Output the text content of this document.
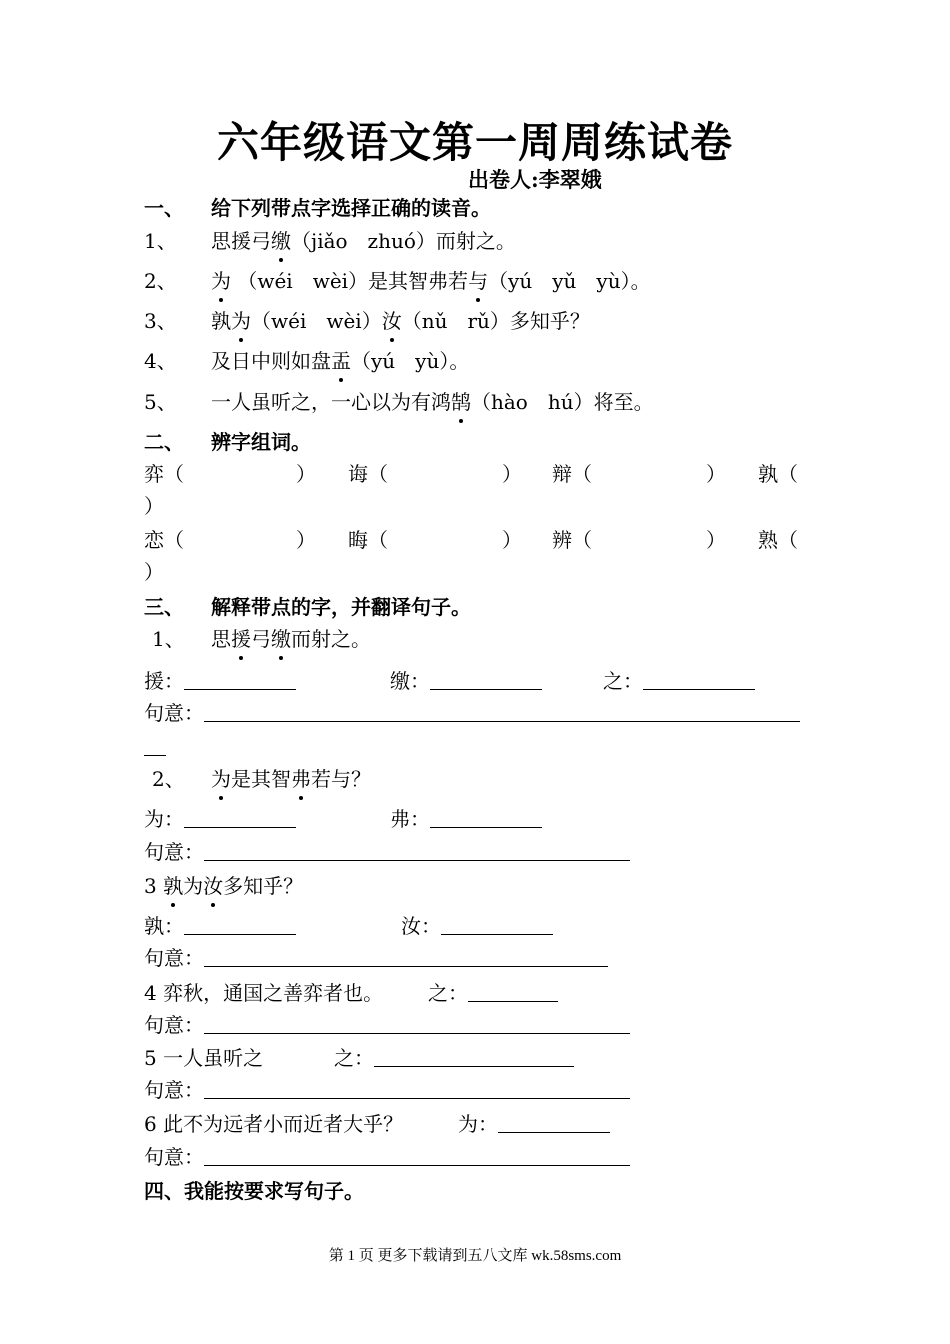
六年级语文第一周周练试卷
出卷人:李翠娥
一、 给下列带点字选择正确的读音。
1、 思援弓缴（jiǎo　zhuó）而射之。
2、 为 （wéi　wèi）是其智弗若与（yú　yǔ　yù）。
3、 孰为（wéi　wèi）汝（nǔ　rǔ）多知乎？
4、 及日中则如盘盂（yú　yù）。
5、 一人虽听之，一心以为有鸿鹄（hào　hú）将至。
二、 辨字组词。
弈（	） 诲（	） 辩（	） 孰（
）
恋（	） 晦（	） 辨（	） 熟（
）
三、 解释带点的字，并翻译句子。
1、 思援弓缴而射之。
援：	缴：	之：
句意：
2、 为是其智弗若与？
为：	弗：
句意：
3 孰为汝多知乎？
孰：	汝：
句意：
4 弈秋，通国之善弈者也。 之：
句意：
5 一人虽听之	之：
句意：
6 此不为远者小而近者大乎？	为：
句意：
四、我能按要求写句子。
第 1 页 更多下载请到五八文库 wk.58sms.com
